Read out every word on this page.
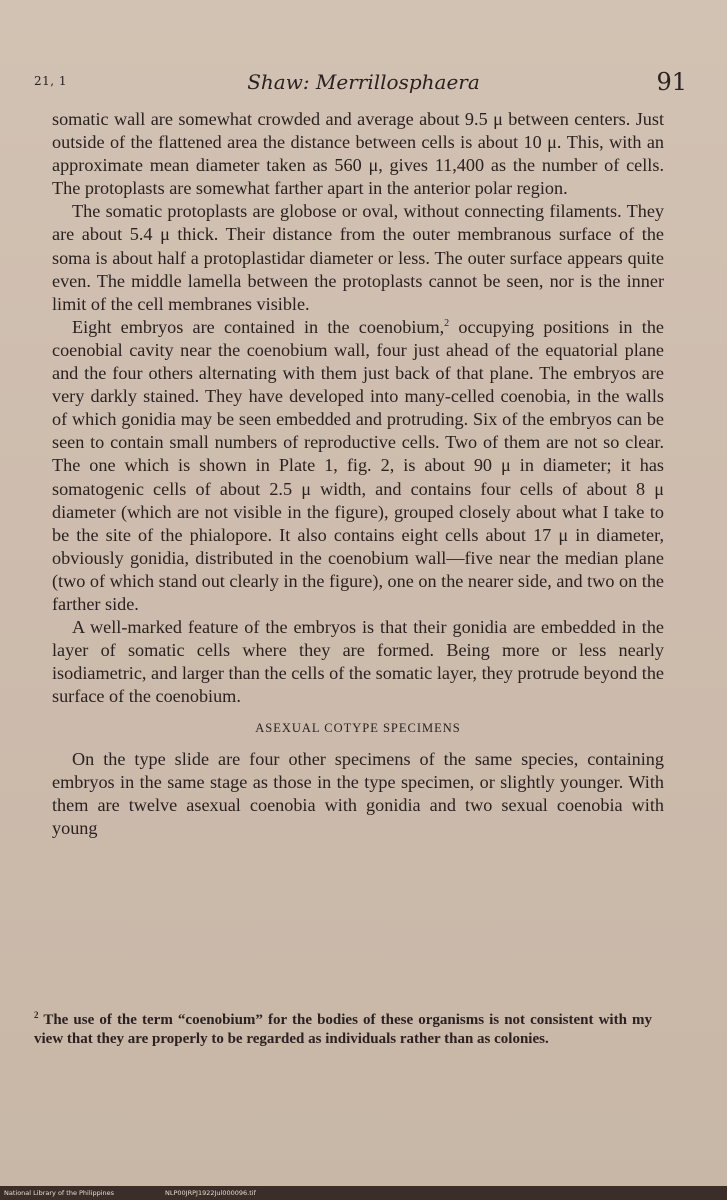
21, 1	Shaw: Merrillosphaera	91

somatic wall are somewhat crowded and average about 9.5 μ between centers. Just outside of the flattened area the distance between cells is about 10 μ. This, with an approximate mean diameter taken as 560 μ, gives 11,400 as the number of cells. The protoplasts are somewhat farther apart in the anterior polar region.

The somatic protoplasts are globose or oval, without connecting filaments. They are about 5.4 μ thick. Their distance from the outer membranous surface of the soma is about half a protoplastidar diameter or less. The outer surface appears quite even. The middle lamella between the protoplasts cannot be seen, nor is the inner limit of the cell membranes visible.

Eight embryos are contained in the coenobium,$^2$ occupying positions in the coenobial cavity near the coenobium wall, four just ahead of the equatorial plane and the four others alternating with them just back of that plane. The embryos are very darkly stained. They have developed into many-celled coenobia, in the walls of which gonidia may be seen embedded and protruding. Six of the embryos can be seen to contain small numbers of reproductive cells. Two of them are not so clear. The one which is shown in Plate 1, fig. 2, is about 90 μ in diameter; it has somatogenic cells of about 2.5 μ width, and contains four cells of about 8 μ diameter (which are not visible in the figure), grouped closely about what I take to be the site of the phialopore. It also contains eight cells about 17 μ in diameter, obviously gonidia, distributed in the coenobium wall—five near the median plane (two of which stand out clearly in the figure), one on the nearer side, and two on the farther side.

A well-marked feature of the embryos is that their gonidia are embedded in the layer of somatic cells where they are formed. Being more or less nearly isodiametric, and larger than the cells of the somatic layer, they protrude beyond the surface of the coenobium.

ASEXUAL COTYPE SPECIMENS

On the type slide are four other specimens of the same species, containing embryos in the same stage as those in the type specimen, or slightly younger. With them are twelve asexual coenobia with gonidia and two sexual coenobia with young

$^2$ The use of the term “coenobium” for the bodies of these organisms is not consistent with my view that they are properly to be regarded as individuals rather than as colonies.
National Library of the Philippines	NLP00JRPJ1922Jul000096.tif
